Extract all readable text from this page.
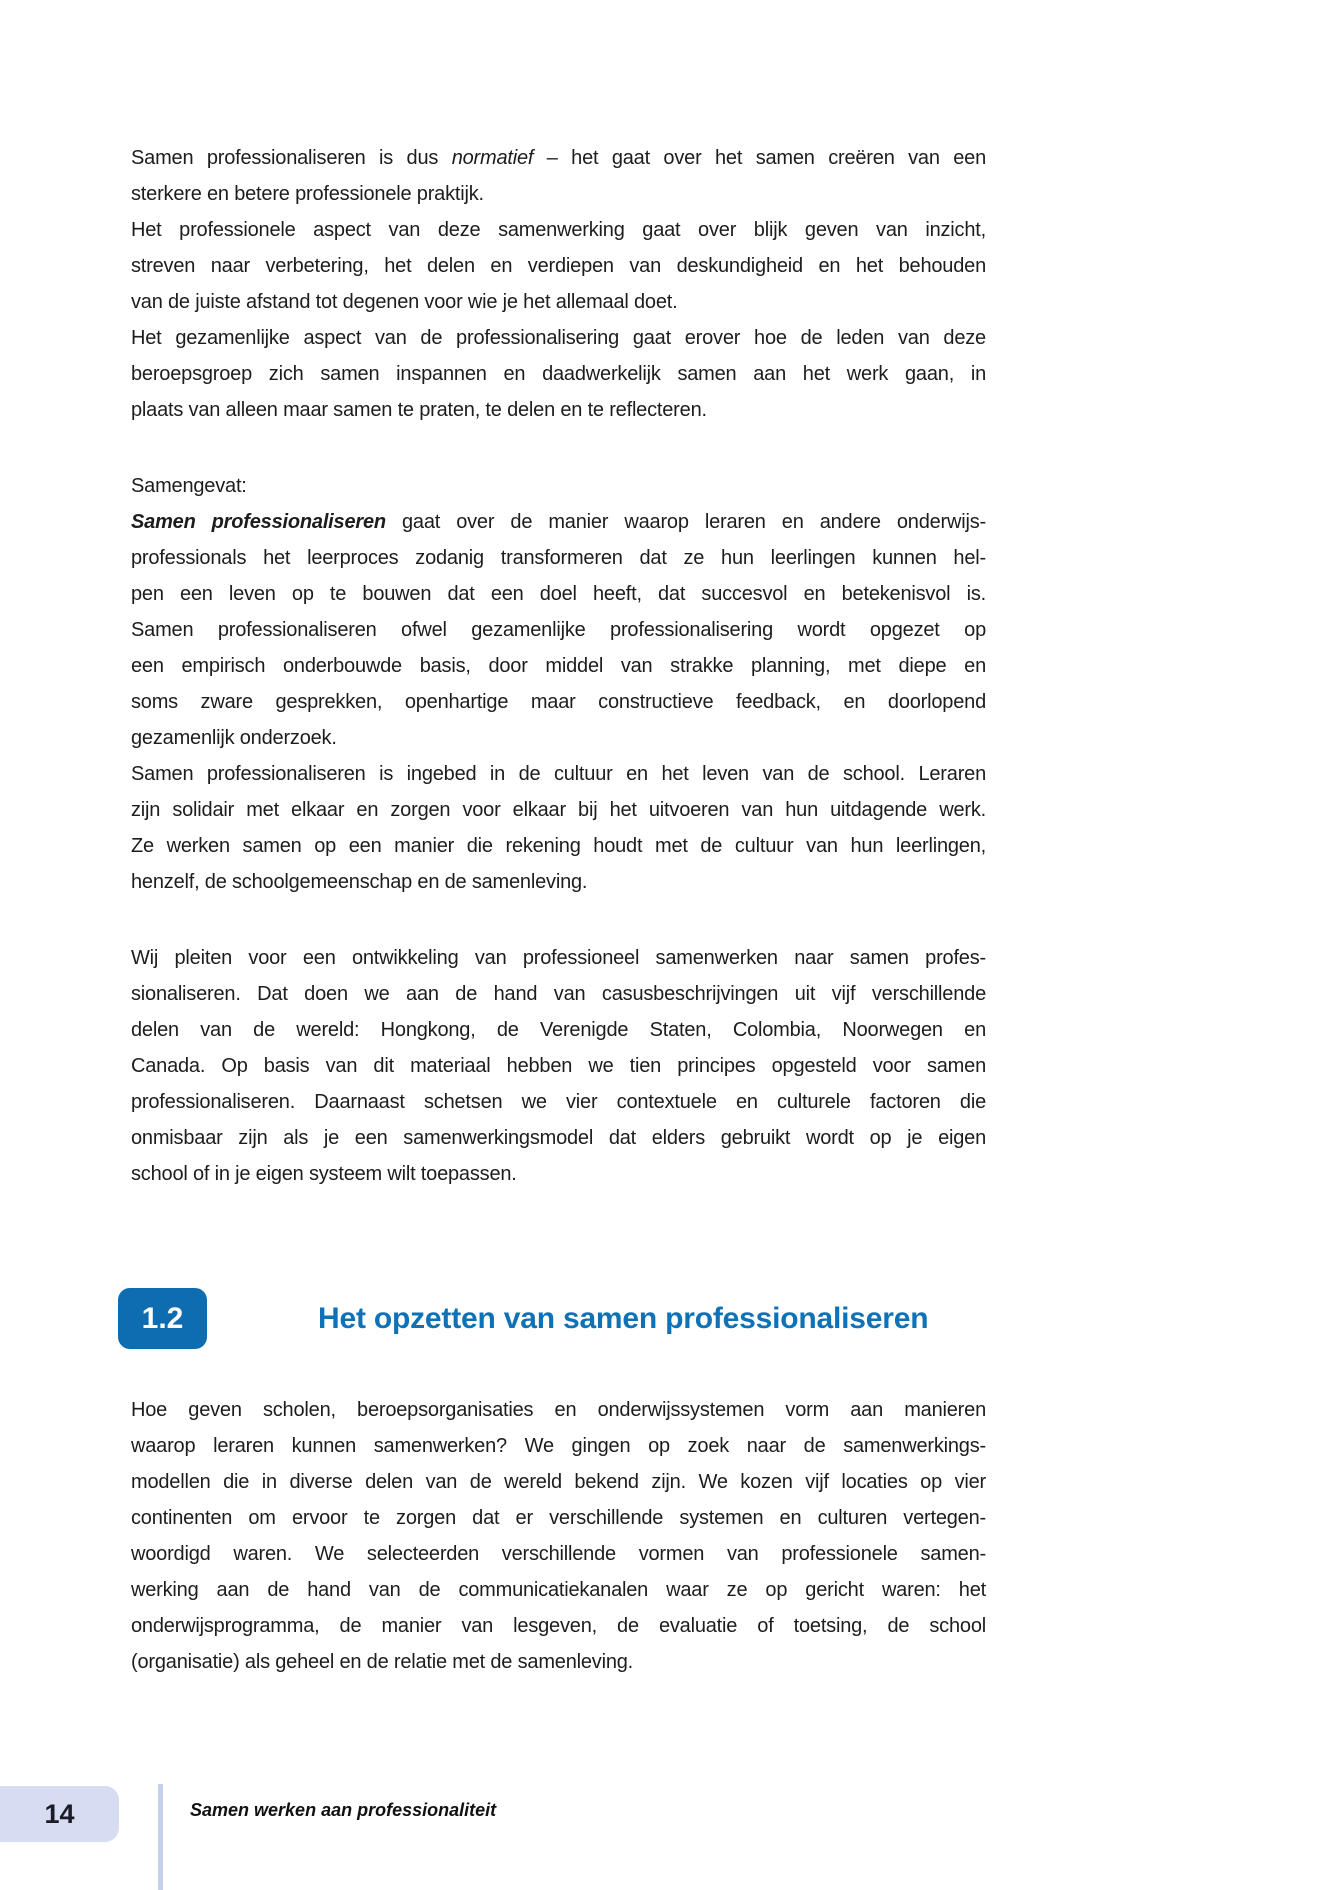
Samen professionaliseren is dus normatief – het gaat over het samen creëren van een
sterkere en betere professionele praktijk.
Het professionele aspect van deze samenwerking gaat over blijk geven van inzicht,
streven naar verbetering, het delen en verdiepen van deskundigheid en het behouden
van de juiste afstand tot degenen voor wie je het allemaal doet.
Het gezamenlijke aspect van de professionalisering gaat erover hoe de leden van deze
beroepsgroep zich samen inspannen en daadwerkelijk samen aan het werk gaan, in
plaats van alleen maar samen te praten, te delen en te reflecteren.
Samengevat:
Samen professionaliseren gaat over de manier waarop leraren en andere onderwijs-
professionals het leerproces zodanig transformeren dat ze hun leerlingen kunnen hel-
pen een leven op te bouwen dat een doel heeft, dat succesvol en betekenisvol is.
Samen professionaliseren ofwel gezamenlijke professionalisering wordt opgezet op
een empirisch onderbouwde basis, door middel van strakke planning, met diepe en
soms zware gesprekken, openhartige maar constructieve feedback, en doorlopend
gezamenlijk onderzoek.
Samen professionaliseren is ingebed in de cultuur en het leven van de school. Leraren
zijn solidair met elkaar en zorgen voor elkaar bij het uitvoeren van hun uitdagende werk.
Ze werken samen op een manier die rekening houdt met de cultuur van hun leerlingen,
henzelf, de schoolgemeenschap en de samenleving.
Wij pleiten voor een ontwikkeling van professioneel samenwerken naar samen profes-
sionaliseren. Dat doen we aan de hand van casusbeschrijvingen uit vijf verschillende
delen van de wereld: Hongkong, de Verenigde Staten, Colombia, Noorwegen en
Canada. Op basis van dit materiaal hebben we tien principes opgesteld voor samen
professionaliseren. Daarnaast schetsen we vier contextuele en culturele factoren die
onmisbaar zijn als je een samenwerkingsmodel dat elders gebruikt wordt op je eigen
school of in je eigen systeem wilt toepassen.
1.2	Het opzetten van samen professionaliseren
Hoe geven scholen, beroepsorganisaties en onderwijssystemen vorm aan manieren
waarop leraren kunnen samenwerken? We gingen op zoek naar de samenwerkings-
modellen die in diverse delen van de wereld bekend zijn. We kozen vijf locaties op vier
continenten om ervoor te zorgen dat er verschillende systemen en culturen vertegen-
woordigd waren. We selecteerden verschillende vormen van professionele samen-
werking aan de hand van de communicatiekanalen waar ze op gericht waren: het
onderwijsprogramma, de manier van lesgeven, de evaluatie of toetsing, de school
(organisatie) als geheel en de relatie met de samenleving.
14	Samen werken aan professionaliteit
